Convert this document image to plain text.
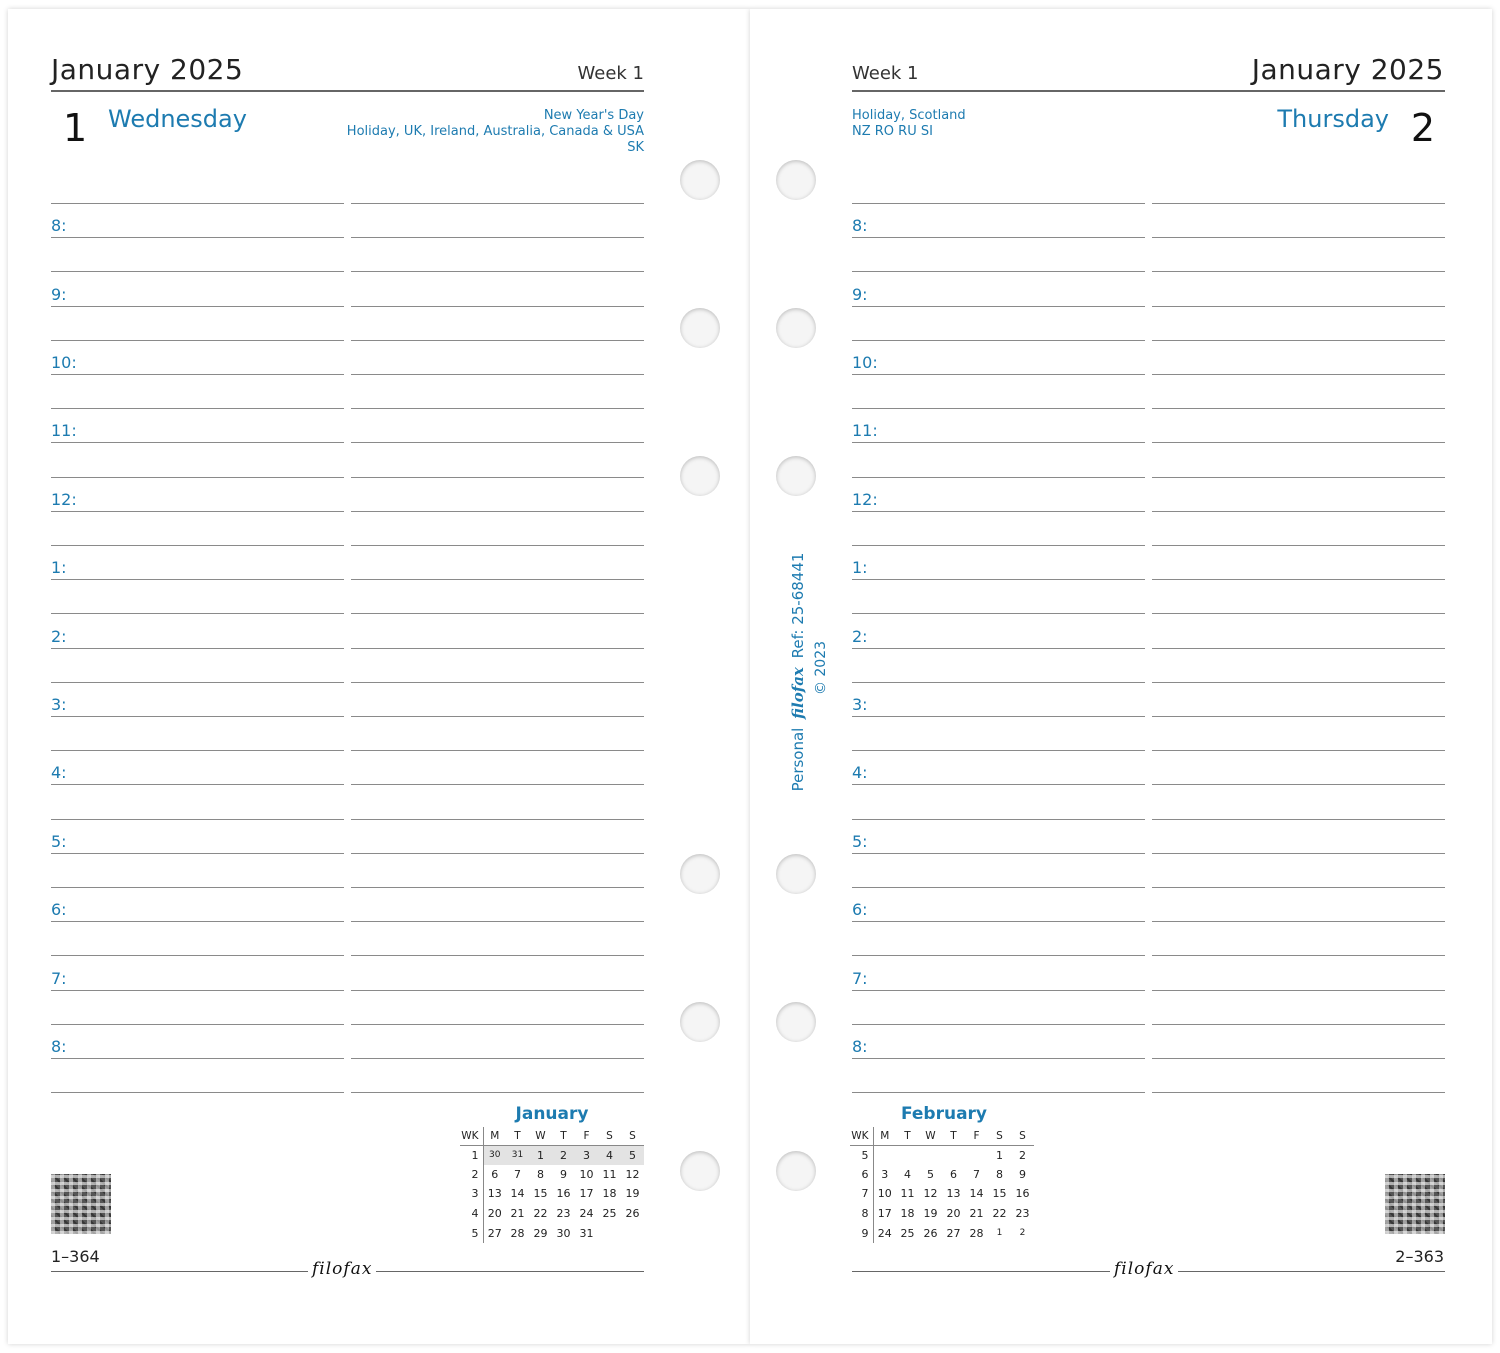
January 2025	Week 1
1 Wednesday	New Year's Day
Holiday, UK, Ireland, Australia, Canada & USA
SK
8:
9:
10:
11:
12:
1:
2:
3:
4:
5:
6:
7:
8:
January
WK	M	T	W	T	F	S	S
1	30	31	1	2	3	4	5
2	6	7	8	9	10	11	12
3	13	14	15	16	17	18	19
4	20	21	22	23	24	25	26
5	27	28	29	30	31		
1–364
filofax
Week 1	January 2025
Holiday, Scotland
NZ RO RU SI	Thursday 2
8:
9:
10:
11:
12:
1:
2:
3:
4:
5:
6:
7:
8:
February
WK	M	T	W	T	F	S	S
5						1	2
6	3	4	5	6	7	8	9
7	10	11	12	13	14	15	16
8	17	18	19	20	21	22	23
9	24	25	26	27	28	1	2
2–363
filofax
Personal filofax Ref: 25-68441
© 2023
